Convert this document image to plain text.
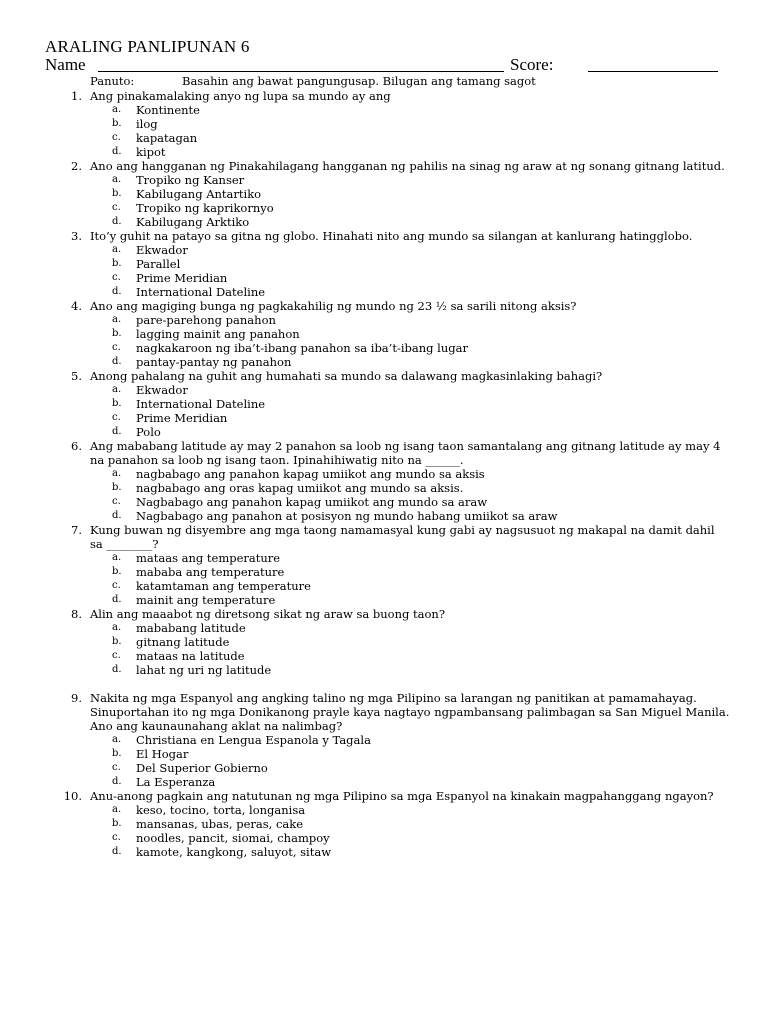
ARALING PANLIPUNAN 6
Name	Score:
Panuto:	Basahin ang bawat pangungusap. Bilugan ang tamang sagot
1. Ang pinakamalaking anyo ng lupa sa mundo ay ang
a. Kontinente
b. ilog
c. kapatagan
d. kipot
2. Ano ang hangganan ng Pinakahilagang hangganan ng pahilis na sinag ng araw at ng sonang gitnang latitud.
a. Tropiko ng Kanser
b. Kabilugang Antartiko
c. Tropiko ng kaprikornyo
d. Kabilugang Arktiko
3. Ito’y guhit na patayo sa gitna ng globo. Hinahati nito ang mundo sa silangan at kanlurang hatingglobo.
a. Ekwador
b. Parallel
c. Prime Meridian
d. International Dateline
4. Ano ang magiging bunga ng pagkakahilig ng mundo ng 23 ½ sa sarili nitong aksis?
a. pare-parehong panahon
b. lagging mainit ang panahon
c. nagkakaroon ng iba’t-ibang panahon sa iba’t-ibang lugar
d. pantay-pantay ng panahon
5. Anong pahalang na guhit ang humahati sa mundo sa dalawang magkasinlaking bahagi?
a. Ekwador
b. International Dateline
c. Prime Meridian
d. Polo
6. Ang mababang latitude ay may 2 panahon sa loob ng isang taon samantalang ang gitnang latitude ay may 4 na panahon sa loob ng isang taon. Ipinahihiwatig nito na ______.
a. nagbabago ang panahon kapag umiikot ang mundo sa aksis
b. nagbabago ang oras kapag umiikot ang mundo sa aksis.
c. Nagbabago ang panahon kapag umiikot ang mundo sa araw
d. Nagbabago ang panahon at posisyon ng mundo habang umiikot sa araw
7. Kung buwan ng disyembre ang mga taong namamasyal kung gabi ay nagsusuot ng makapal na damit dahil sa ________?
a. mataas ang temperature
b. mababa ang temperature
c. katamtaman ang temperature
d. mainit ang temperature
8. Alin ang maaabot ng diretsong sikat ng araw sa buong taon?
a. mababang latitude
b. gitnang latitude
c. mataas na latitude
d. lahat ng uri ng latitude
9. Nakita ng mga Espanyol ang angking talino ng mga Pilipino sa larangan ng panitikan at pamamahayag. Sinuportahan ito ng mga Donikanong prayle kaya nagtayo ngpambansang palimbagan sa San Miguel Manila. Ano ang kaunaunahang aklat na nalimbag?
a. Christiana en Lengua Espanola y Tagala
b. El Hogar
c. Del Superior Gobierno
d. La Esperanza
10. Anu-anong pagkain ang natutunan ng mga Pilipino sa mga Espanyol na kinakain magpahanggang ngayon?
a. keso, tocino, torta, longanisa
b. mansanas, ubas, peras, cake
c. noodles, pancit, siomai, champoy
d. kamote, kangkong, saluyot, sitaw
